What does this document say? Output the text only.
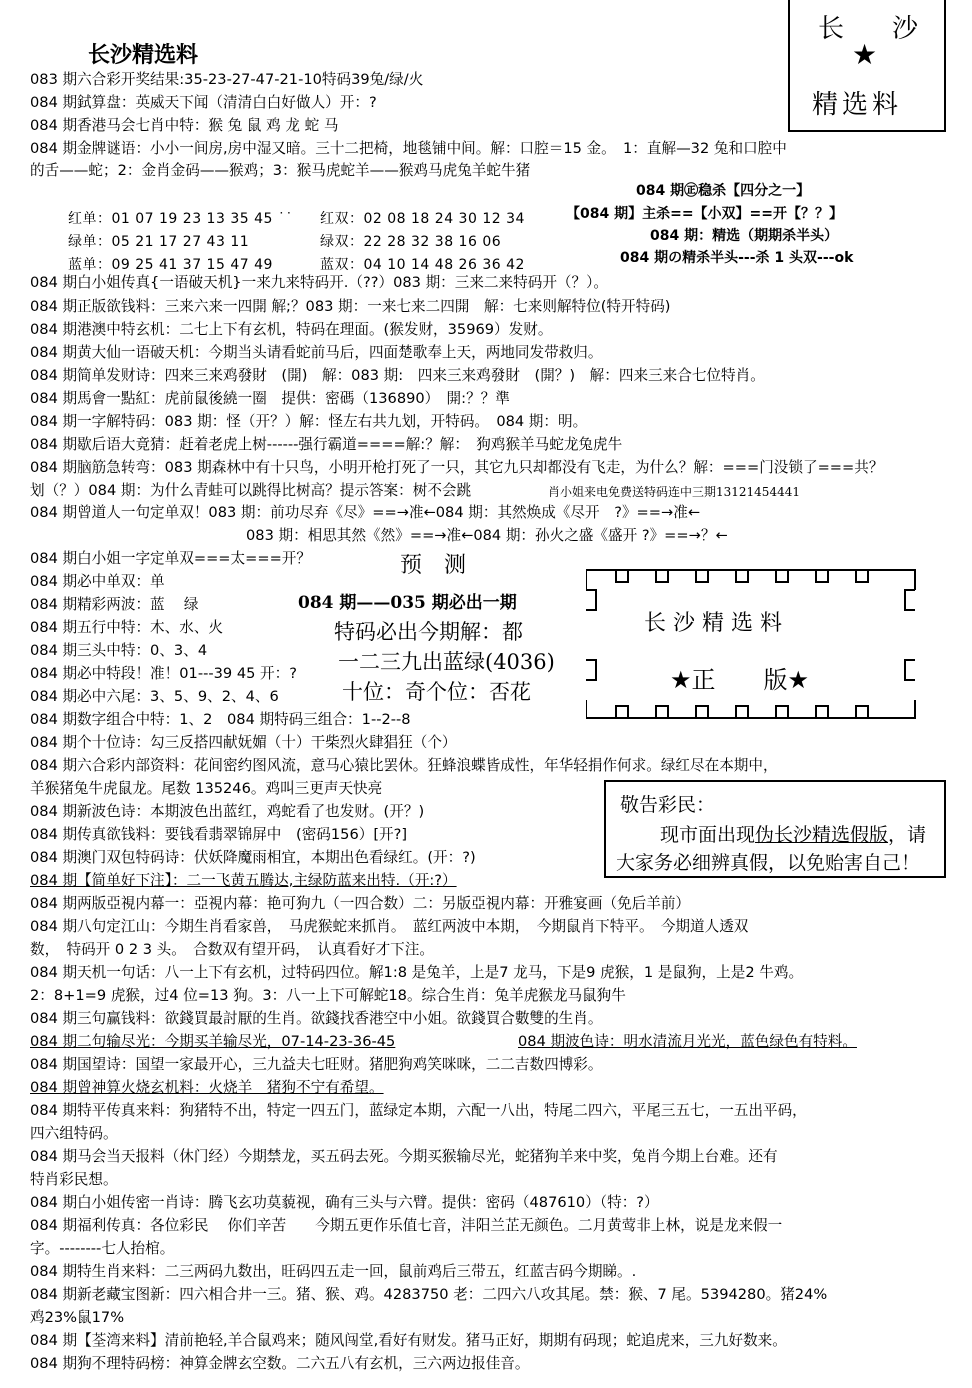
长沙精选料
长 沙
★
精选料
083 期六合彩开奖结果:35-23-27-47-21-10特码39兔/绿/火
084 期鉽算盘：英威天下闻（清清白白好做人）开：?
084 期香港马会七肖中特：猴 兔 鼠 鸡 龙 蛇 马
084 期金牌谜语：小小一间房,房中湿又暗。三十二把椅，地毯铺中间。解：口腔＝15 金。　1：直解—32 兔和口腔中
的舌——蛇；2：金肖金码——猴鸡；3：猴马虎蛇羊——猴鸡马虎兔羊蛇牛猪
084 期㊣稳杀【四分之一】
【084 期】主杀==【小双】==开【？？】
084 期：精选（期期杀半头）
084 期の精杀半头---杀 1 头双---ok
红单：01 07 19 23 13 35 45 ˙˙
绿单：05 21 17 27 43 11
蓝单：09 25 41 37 15 47 49
红双：02 08 18 24 30 12 34
绿双：22 28 32 38 16 06
蓝双：04 10 14 48 26 36 42
084 期白小姐传真{一语破天机}一来九来特码开.（??）083 期：三来二来特码开（？）。
084 期正版欲钱料：三来六来一四開 解;？083 期：一来七来二四開　解：七来则解特位(特开特码)
084 期港澳中特玄机：二七上下有玄机，特码在理面。(猴发财，35969）发财。
084 期黄大仙一语破天机：今期当头请看蛇前马后，四面楚歌奉上天，两地同发带救归。
084 期简单发财诗：四来三来鸡發財　(開)　解：083 期:　四来三来鸡發財　(開？)　解：四来三来合七位特肖。
084 期馬會一點紅：虎前鼠後繞一圈　提供：密碼（136890）　開:？？準
084 期一字解特码：083 期：怪（开？）解：怪左右共九划，开特码。　084 期：明。
084 期歇后语大竟猜：赶着老虎上树------强行霸道====解:？解：　狗鸡猴羊马蛇龙兔虎牛
084 期脑筋急转弯：083 期森林中有十只鸟，小明开枪打死了一只，其它九只却都没有飞走，为什么？解：===门没锁了===共？
划（？）084 期：为什么青蛙可以跳得比树高？提示答案：树不会跳	肖小姐来电免费送特码连中三期13121454441
084 期曾道人一句定单双！083 期：前功尽弃《尽》==→准←084 期：其然焕成《尽开　?》==→准←
083 期：相思其然《然》==→准←084 期：孙火之盛《盛开 ?》==→？←
084 期白小姐一字定单双===太===开？
084 期必中单双：单
084 期精彩两波：蓝　 绿
084 期五行中特：木、水、火
084 期三头中特：0、3、4
084 期必中特段！准！01---39 45 开：?
084 期必中六尾：3、5、9、2、4、6
084 期数字组合中特：1、2　084 期特码三组合：1--2--8
预　测
084 期——035 期必出一期
特码必出今期解：都
一二三九出蓝绿(4036)
十位：奇个位：否花
长 沙 精 选 料
★正　　版★
084 期个十位诗：勾三反搭四献妩媚（十）干柴烈火肆猖狂（个）
084 期六合彩内部资料：花间密约图风流，意马心猿比罢休。狂蜂浪蝶皆成性，年华轻捐作何求。绿红尽在本期中，
羊猴猪兔牛虎鼠龙。尾数 135246。鸡叫三更声天快亮
084 期新波色诗：本期波色出蓝红，鸡蛇看了也发财。(开？)
084 期传真欲钱料：要钱看翡翠锦屏中　(密码156）[开?]
084 期澳门双包特码诗：伏妖降魔雨相宜，本期出色看绿红。(开：?)
084 期【简单好下注】：二一飞黄五腾达,主绿防蓝来出特.（开:?）
敬告彩民：
现市面出现伪长沙精选假版，请
大家务必细辨真假，以免贻害自己！
084 期两版亞視内幕一：亞視内幕：艳可狗九（一四合数）二：另版亞視内幕：开雅宴画（免后羊前）
084 期八句定江山：今期生肖看家兽，　马虎猴蛇来抓肖。　蓝红两波中本期，　今期鼠肖下特平。　今期道人透双
数，　特码开 0 2 3 头。　合数双有望开码，　认真看好才下注。
084 期天机一句话：八一上下有玄机，过特码四位。解1:8 是兔羊，上是7 龙马，下是9 虎猴，1 是鼠狗，上是2 牛鸡。
2：8+1=9 虎猴，过4 位=13 狗。3：八一上下可解蛇18。综合生肖：兔羊虎猴龙马鼠狗牛
084 期三句赢钱料：欲錢買最討厭的生肖。欲錢找香港空中小姐。欲錢買合數雙的生肖。
084 期二句输尽光：今期买羊输尽光，07-14-23-36-45	084 期波色诗：明水清流月光光，蓝色绿色有特料。
084 期国望诗：国望一家最开心，三九益夫七旺财。猪肥狗鸡笑咪咪，二二吉数四博彩。
084 期曾神算火烧玄机料：火烧羊　猪狗不宁有希望。
084 期特平传真来料：狗猪特不出，特定一四五门，蓝绿定本期，六配一八出，特尾二四六，平尾三五七，一五出平码，
四六组特码。
084 期马会当天报料（休门经）今期禁龙，买五码去死。今期买猴输尽光，蛇猪狗羊来中奖，兔肖今期上台难。还有
特肖彩民想。
084 期白小姐传密一肖诗：腾飞玄功莫藐视，确有三头与六臂。提供：密码（487610）（特：?）
084 期福利传真：各位彩民　 你们辛苦　　今期五更作乐值七音，沣阳兰芷无颜色。二月黄莺非上林，说是龙来假一
字。--------七人抬棺。
084 期特生肖来料：二三两码九数出，旺码四五走一回，鼠前鸡后三带五，红蓝吉码今期睇。.
084 期新老藏宝图新：四六相合井一三。猪、猴、鸡。4283750 老：二四六八攻其尾。禁：猴、7 尾。5394280。猪24%
鸡23%鼠17%
084 期【荃湾来料】清前艳轻,羊合鼠鸡来；随风闯堂,看好有财发。猪马正好，期期有码现；蛇追虎来，三九好数来。
084 期狗不理特码榜：神算金牌玄空数。二六五八有玄机，三六两边报佳音。
